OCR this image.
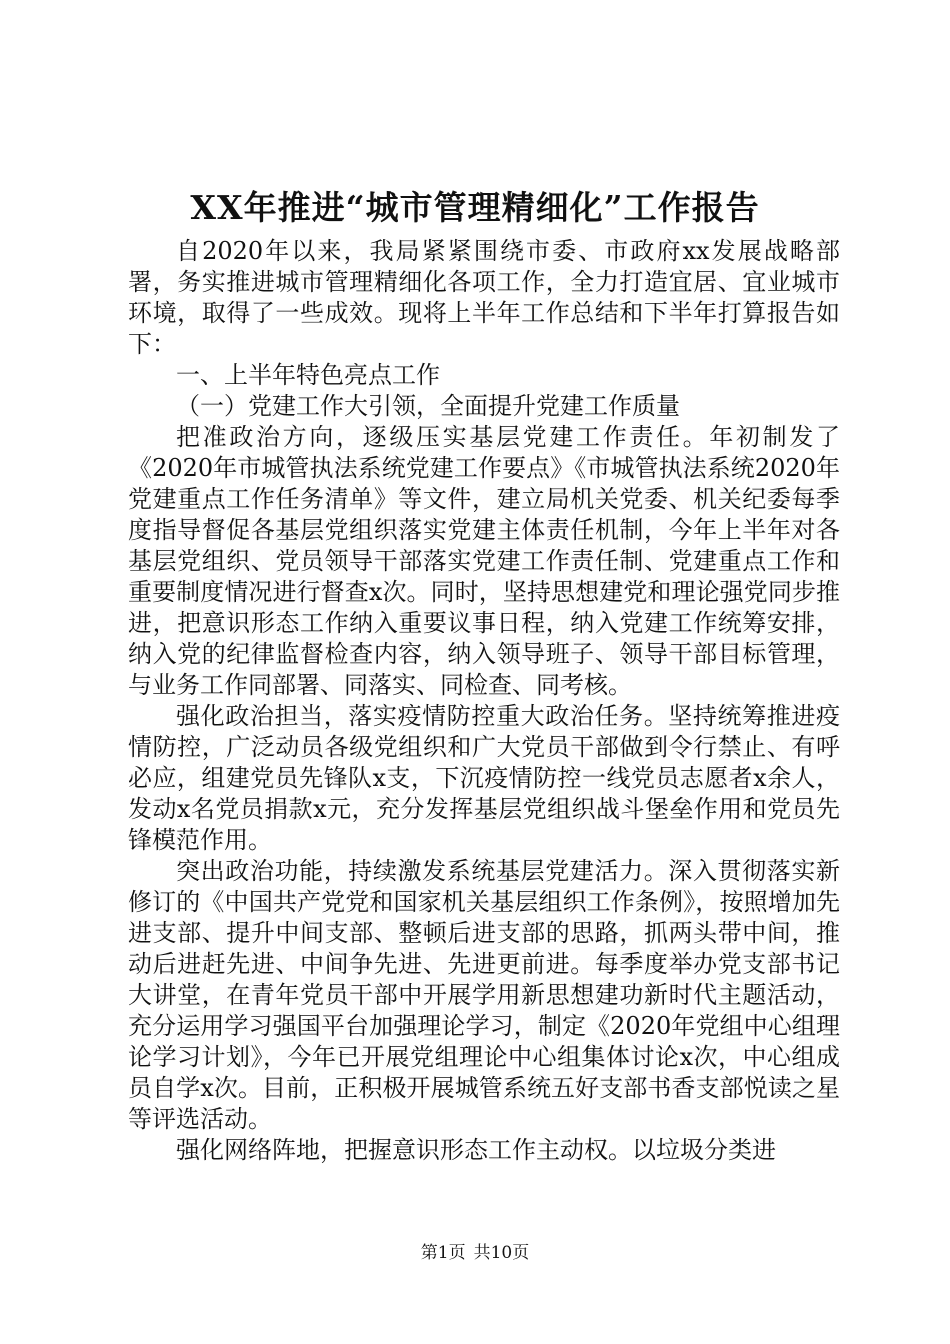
XX年推进“城市管理精细化”工作报告

自2020年以来，我局紧紧围绕市委、市政府xx发展战略部署，务实推进城市管理精细化各项工作，全力打造宜居、宜业城市环境，取得了一些成效。现将上半年工作总结和下半年打算报告如下：

一、上半年特色亮点工作

（一）党建工作大引领，全面提升党建工作质量

把准政治方向，逐级压实基层党建工作责任。年初制发了《2020年市城管执法系统党建工作要点》《市城管执法系统2020年党建重点工作任务清单》等文件，建立局机关党委、机关纪委每季度指导督促各基层党组织落实党建主体责任机制，今年上半年对各基层党组织、党员领导干部落实党建工作责任制、党建重点工作和重要制度情况进行督查x次。同时，坚持思想建党和理论强党同步推进，把意识形态工作纳入重要议事日程，纳入党建工作统筹安排，纳入党的纪律监督检查内容，纳入领导班子、领导干部目标管理，与业务工作同部署、同落实、同检查、同考核。

强化政治担当，落实疫情防控重大政治任务。坚持统筹推进疫情防控，广泛动员各级党组织和广大党员干部做到令行禁止、有呼必应，组建党员先锋队x支，下沉疫情防控一线党员志愿者x余人，发动x名党员捐款x元，充分发挥基层党组织战斗堡垒作用和党员先锋模范作用。

突出政治功能，持续激发系统基层党建活力。深入贯彻落实新修订的《中国共产党党和国家机关基层组织工作条例》，按照增加先进支部、提升中间支部、整顿后进支部的思路，抓两头带中间，推动后进赶先进、中间争先进、先进更前进。每季度举办党支部书记大讲堂，在青年党员干部中开展学用新思想建功新时代主题活动，充分运用学习强国平台加强理论学习，制定《2020年党组中心组理论学习计划》，今年已开展党组理论中心组集体讨论x次，中心组成员自学x次。目前，正积极开展城管系统五好支部书香支部悦读之星等评选活动。

强化网络阵地，把握意识形态工作主动权。以垃圾分类进

第1页 共10页
